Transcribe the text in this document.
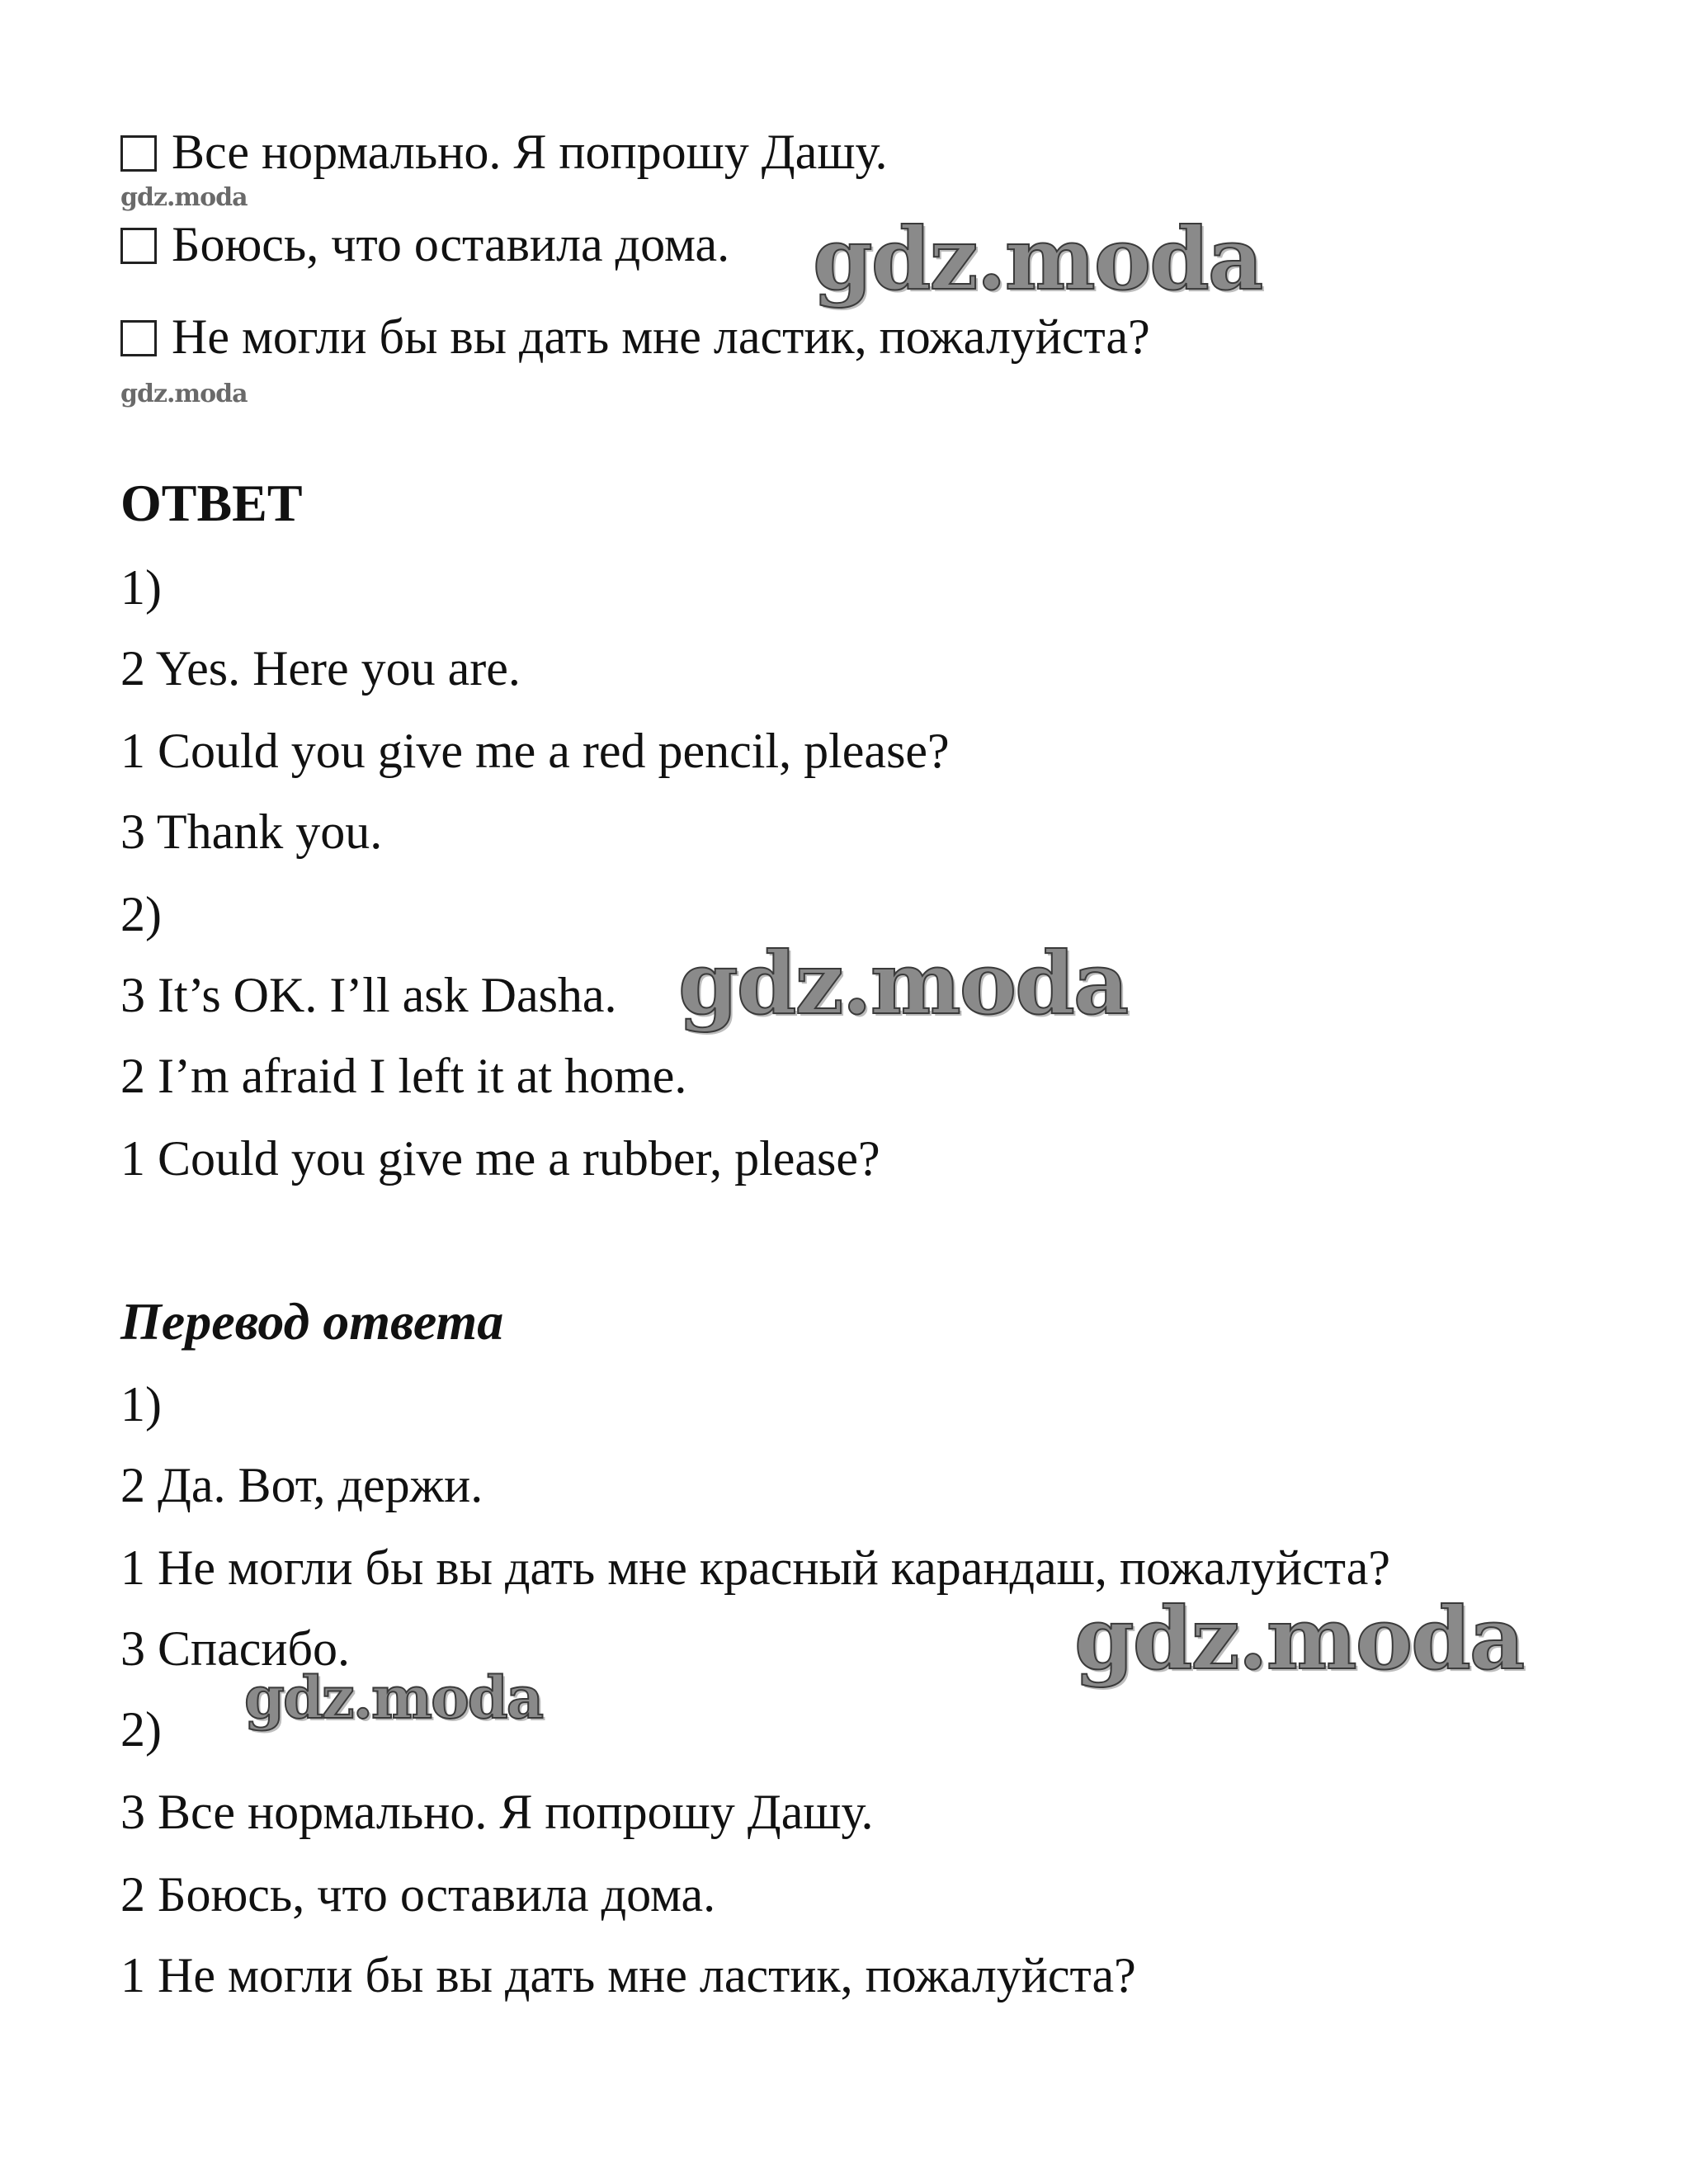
Все нормально. Я попрошу Дашу.
gdz.moda
Боюсь, что оставила дома.
Не могли бы вы дать мне ластик, пожалуйста?
gdz.moda
ОТВЕТ
1)
2 Yes. Here you are.
1 Could you give me a red pencil, please?
3 Thank you.
2)
3 It’s OK. I’ll ask Dasha.
2 I’m afraid I left it at home.
1 Could you give me a rubber, please?
Перевод ответа
1)
2 Да. Вот, держи.
1 Не могли бы вы дать мне красный карандаш, пожалуйста?
3 Спасибо.
2)
3 Все нормально. Я попрошу Дашу.
2 Боюсь, что оставила дома.
1 Не могли бы вы дать мне ластик, пожалуйста?
gdz.moda
gdz.moda
gdz.moda
gdz.moda
